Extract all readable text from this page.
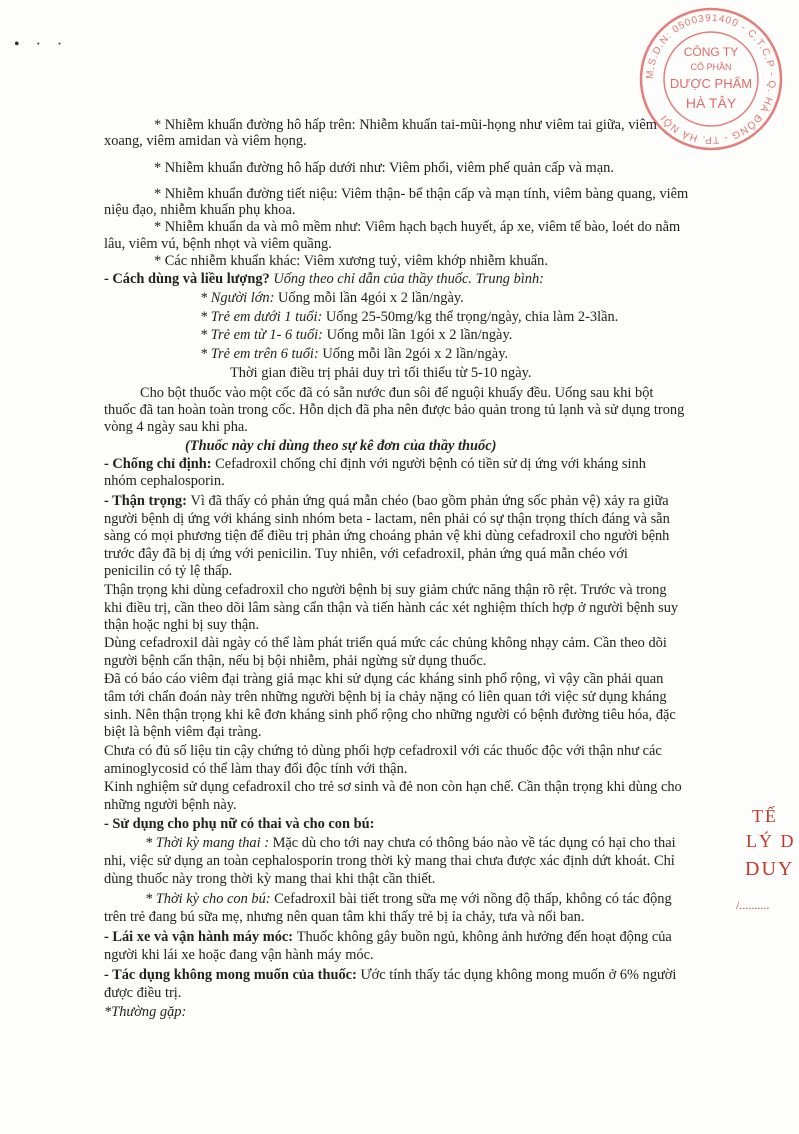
• · ·
M.S.D.N: 0500391400 - C.T.C.P - Q. HÀ ĐÔNG - TP. HÀ NỘI
CÔNG TY
CỔ PHẦN
DƯỢC PHẨM
HÀ TÂY
* Nhiễm khuẩn đường hô hấp trên: Nhiễm khuẩn tai-mũi-họng như viêm tai giữa, viêm
xoang, viêm amidan và viêm họng.
* Nhiễm khuẩn đường hô hấp dưới như: Viêm phổi, viêm phế quản cấp và mạn.
* Nhiễm khuẩn đường tiết niệu: Viêm thận- bể thận cấp và mạn tính, viêm bàng quang, viêm
niệu đạo, nhiễm khuẩn phụ khoa.
* Nhiễm khuẩn da và mô mềm như: Viêm hạch bạch huyết, áp xe, viêm tế bào, loét do nằm
lâu, viêm vú, bệnh nhọt và viêm quầng.
* Các nhiễm khuẩn khác: Viêm xương tuỷ, viêm khớp nhiễm khuẩn.
- Cách dùng và liều lượng? Uống theo chỉ dẫn của thầy thuốc. Trung bình:
* Người lớn: Uống mỗi lần 4gói x 2 lần/ngày.
* Trẻ em dưới 1 tuổi: Uống 25-50mg/kg thể trọng/ngày, chia làm 2-3lần.
* Trẻ em từ 1- 6 tuổi: Uống mỗi lần 1gói x 2 lần/ngày.
* Trẻ em trên 6 tuổi: Uống mỗi lần 2gói x 2 lần/ngày.
Thời gian điều trị phải duy trì tối thiểu từ 5-10 ngày.
Cho bột thuốc vào một cốc đã có sẵn nước đun sôi để nguội khuấy đều. Uống sau khi bột
thuốc đã tan hoàn toàn trong cốc. Hỗn dịch đã pha nên được bảo quản trong tủ lạnh và sử dụng trong
vòng 4 ngày sau khi pha.
(Thuốc này chỉ dùng theo sự kê đơn của thầy thuốc)
- Chống chỉ định: Cefadroxil chống chỉ định với người bệnh có tiền sử dị ứng với kháng sinh
nhóm cephalosporin.
- Thận trọng: Vì đã thấy có phản ứng quá mẫn chéo (bao gồm phản ứng sốc phản vệ) xảy ra giữa
người bệnh dị ứng với kháng sinh nhóm beta - lactam, nên phải có sự thận trọng thích đáng và sẵn
sàng có mọi phương tiện để điều trị phản ứng choáng phản vệ khi dùng cefadroxil cho người bệnh
trước đây đã bị dị ứng với penicilin. Tuy nhiên, với cefadroxil, phản ứng quá mẫn chéo với
penicilin có tỷ lệ thấp.
Thận trọng khi dùng cefadroxil cho người bệnh bị suy giảm chức năng thận rõ rệt. Trước và trong
khi điều trị, cần theo dõi lâm sàng cẩn thận và tiến hành các xét nghiệm thích hợp ở người bệnh suy
thận hoặc nghi bị suy thận.
Dùng cefadroxil dài ngày có thể làm phát triển quá mức các chủng không nhạy cảm. Cần theo dõi
người bệnh cẩn thận, nếu bị bội nhiễm, phải ngừng sử dụng thuốc.
Đã có báo cáo viêm đại tràng giả mạc khi sử dụng các kháng sinh phổ rộng, vì vậy cần phải quan
tâm tới chẩn đoán này trên những người bệnh bị ỉa chảy nặng có liên quan tới việc sử dụng kháng
sinh. Nên thận trọng khi kê đơn kháng sinh phổ rộng cho những người có bệnh đường tiêu hóa, đặc
biệt là bệnh viêm đại tràng.
Chưa có đủ số liệu tin cậy chứng tỏ dùng phối hợp cefadroxil với các thuốc độc với thận như các
aminoglycosid có thể làm thay đổi độc tính với thận.
Kinh nghiệm sử dụng cefadroxil cho trẻ sơ sinh và đẻ non còn hạn chế. Cần thận trọng khi dùng cho
những người bệnh này.
- Sử dụng cho phụ nữ có thai và cho con bú:
* Thời kỳ mang thai : Mặc dù cho tới nay chưa có thông báo nào về tác dụng có hại cho thai
nhi, việc sử dụng an toàn cephalosporin trong thời kỳ mang thai chưa được xác định dứt khoát. Chỉ
dùng thuốc này trong thời kỳ mang thai khi thật cần thiết.
* Thời kỳ cho con bú: Cefadroxil bài tiết trong sữa mẹ với nồng độ thấp, không có tác động
trên trẻ đang bú sữa mẹ, nhưng nên quan tâm khi thấy trẻ bị ỉa chảy, tưa và nổi ban.
- Lái xe và vận hành máy móc: Thuốc không gây buồn ngủ, không ảnh hưởng đến hoạt động của
người khi lái xe hoặc đang vận hành máy móc.
- Tác dụng không mong muốn của thuốc: Ước tính thấy tác dụng không mong muốn ở 6% người
được điều trị.
*Thường gặp:
TẾ
LÝ D
DUY
/..........
